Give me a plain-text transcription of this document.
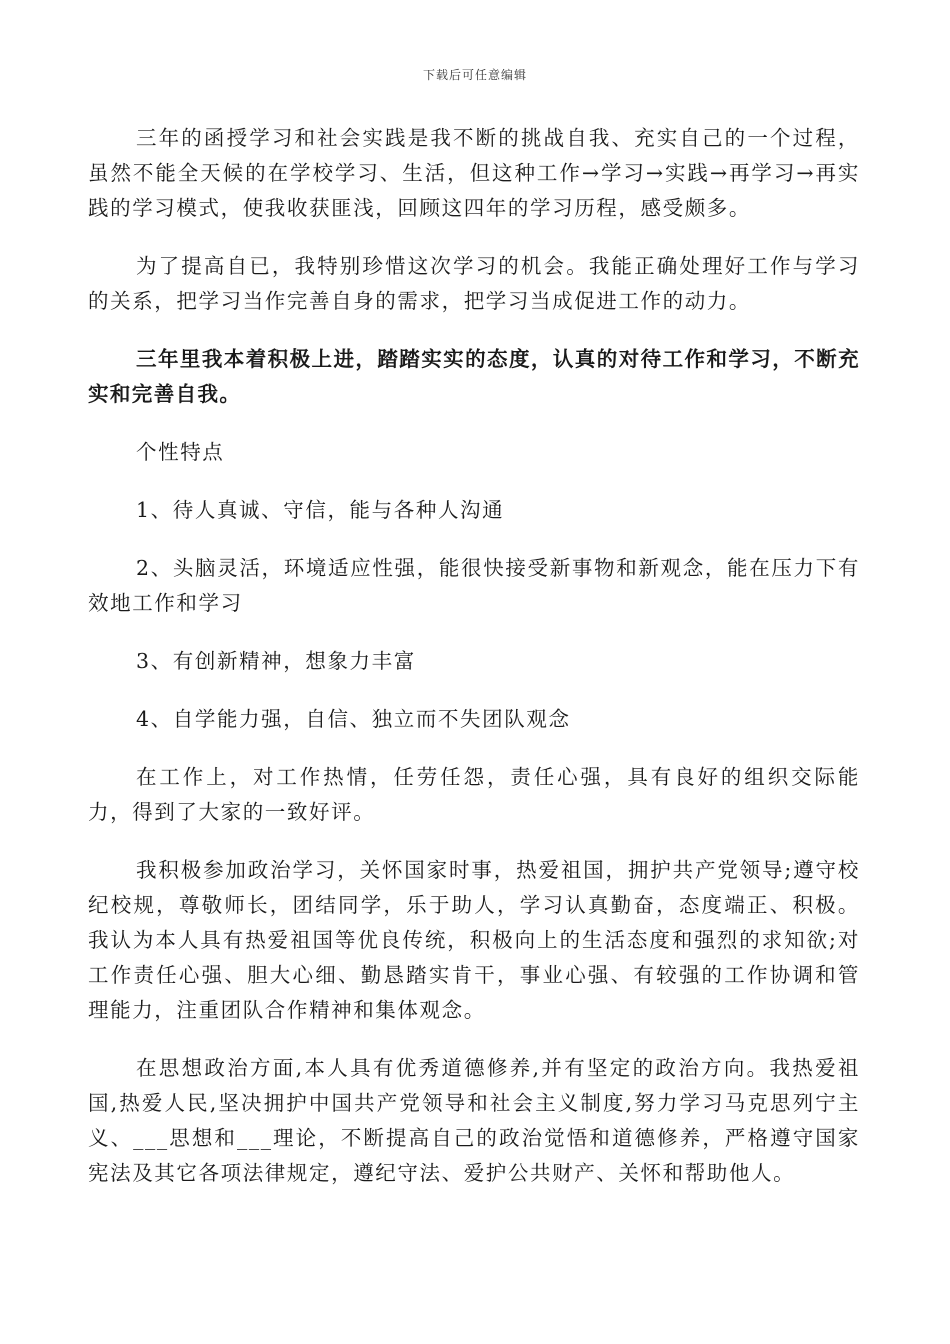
下载后可任意编辑

三年的函授学习和社会实践是我不断的挑战自我、充实自己的一个过程，虽然不能全天候的在学校学习、生活，但这种工作→学习→实践→再学习→再实践的学习模式，使我收获匪浅，回顾这四年的学习历程，感受颇多。

为了提高自已，我特别珍惜这次学习的机会。我能正确处理好工作与学习的关系，把学习当作完善自身的需求，把学习当成促进工作的动力。

三年里我本着积极上进，踏踏实实的态度，认真的对待工作和学习，不断充实和完善自我。

个性特点

1、待人真诚、守信，能与各种人沟通

2、头脑灵活，环境适应性强，能很快接受新事物和新观念，能在压力下有效地工作和学习

3、有创新精神，想象力丰富

4、自学能力强，自信、独立而不失团队观念

在工作上，对工作热情，任劳任怨，责任心强，具有良好的组织交际能力，得到了大家的一致好评。

我积极参加政治学习，关怀国家时事，热爱祖国，拥护共产党领导;遵守校纪校规，尊敬师长，团结同学，乐于助人，学习认真勤奋，态度端正、积极。我认为本人具有热爱祖国等优良传统，积极向上的生活态度和强烈的求知欲;对工作责任心强、胆大心细、勤恳踏实肯干，事业心强、有较强的工作协调和管理能力，注重团队合作精神和集体观念。

在思想政治方面,本人具有优秀道德修养,并有坚定的政治方向。我热爱祖国,热爱人民,坚决拥护中国共产党领导和社会主义制度,努力学习马克思列宁主义、___思想和___理论，不断提高自己的政治觉悟和道德修养，严格遵守国家宪法及其它各项法律规定，遵纪守法、爱护公共财产、关怀和帮助他人。
